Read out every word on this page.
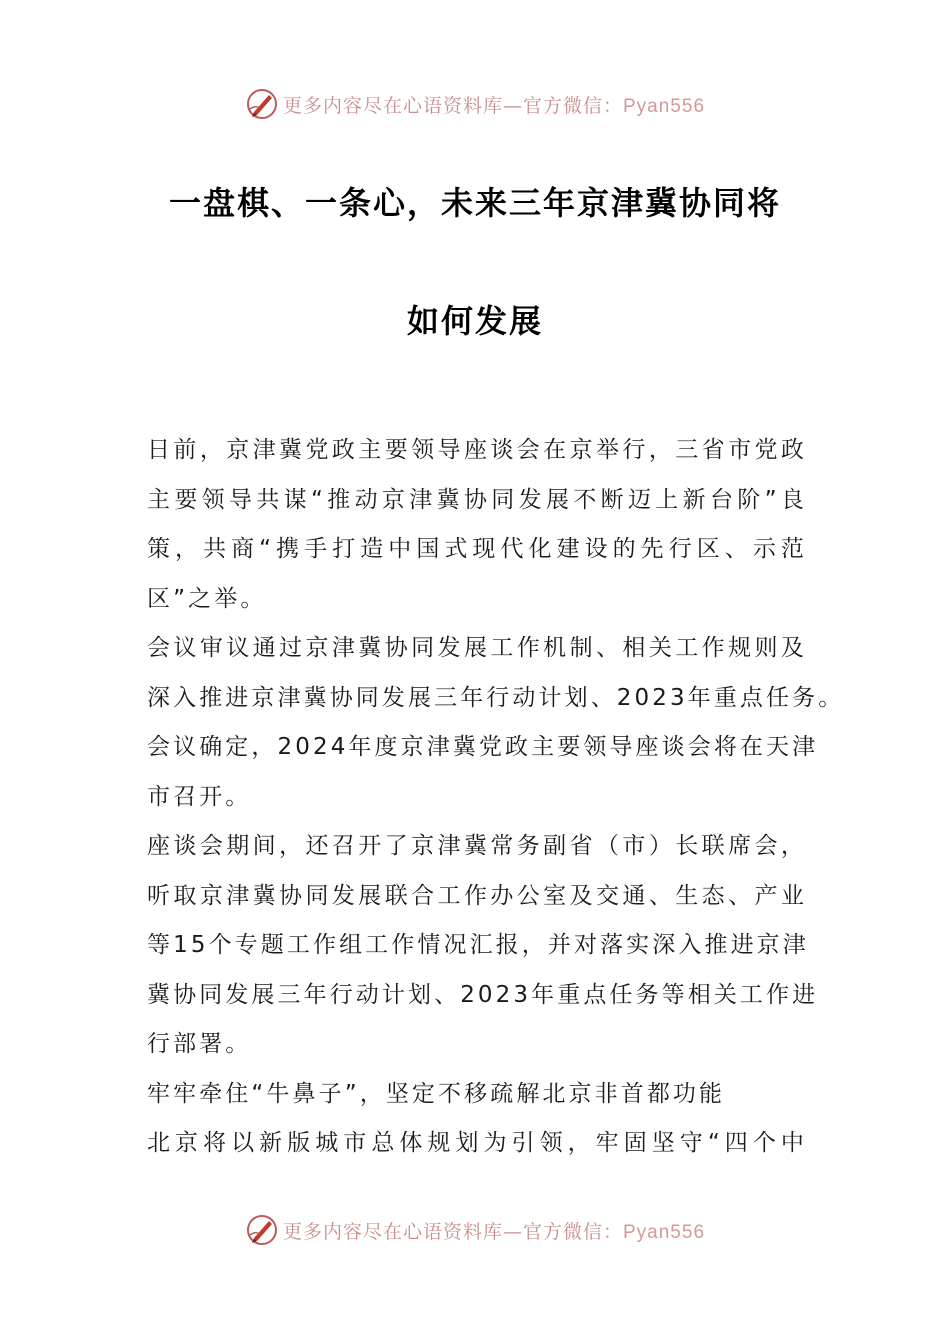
更多内容尽在心语资料库—官方微信：Pyan556
一盘棋、一条心，未来三年京津冀协同将
如何发展

日前，京津冀党政主要领导座谈会在京举行，三省市党政
主要领导共谋“推动京津冀协同发展不断迈上新台阶”良
策，共商“携手打造中国式现代化建设的先行区、示范
区”之举。

会议审议通过京津冀协同发展工作机制、相关工作规则及
深入推进京津冀协同发展三年行动计划、2023年重点任务。
会议确定，2024年度京津冀党政主要领导座谈会将在天津
市召开。

座谈会期间，还召开了京津冀常务副省（市）长联席会，
听取京津冀协同发展联合工作办公室及交通、生态、产业
等15个专题工作组工作情况汇报，并对落实深入推进京津
冀协同发展三年行动计划、2023年重点任务等相关工作进
行部署。

牢牢牵住“牛鼻子”，坚定不移疏解北京非首都功能

北京将以新版城市总体规划为引领，牢固坚守“四个中

更多内容尽在心语资料库—官方微信：Pyan556
